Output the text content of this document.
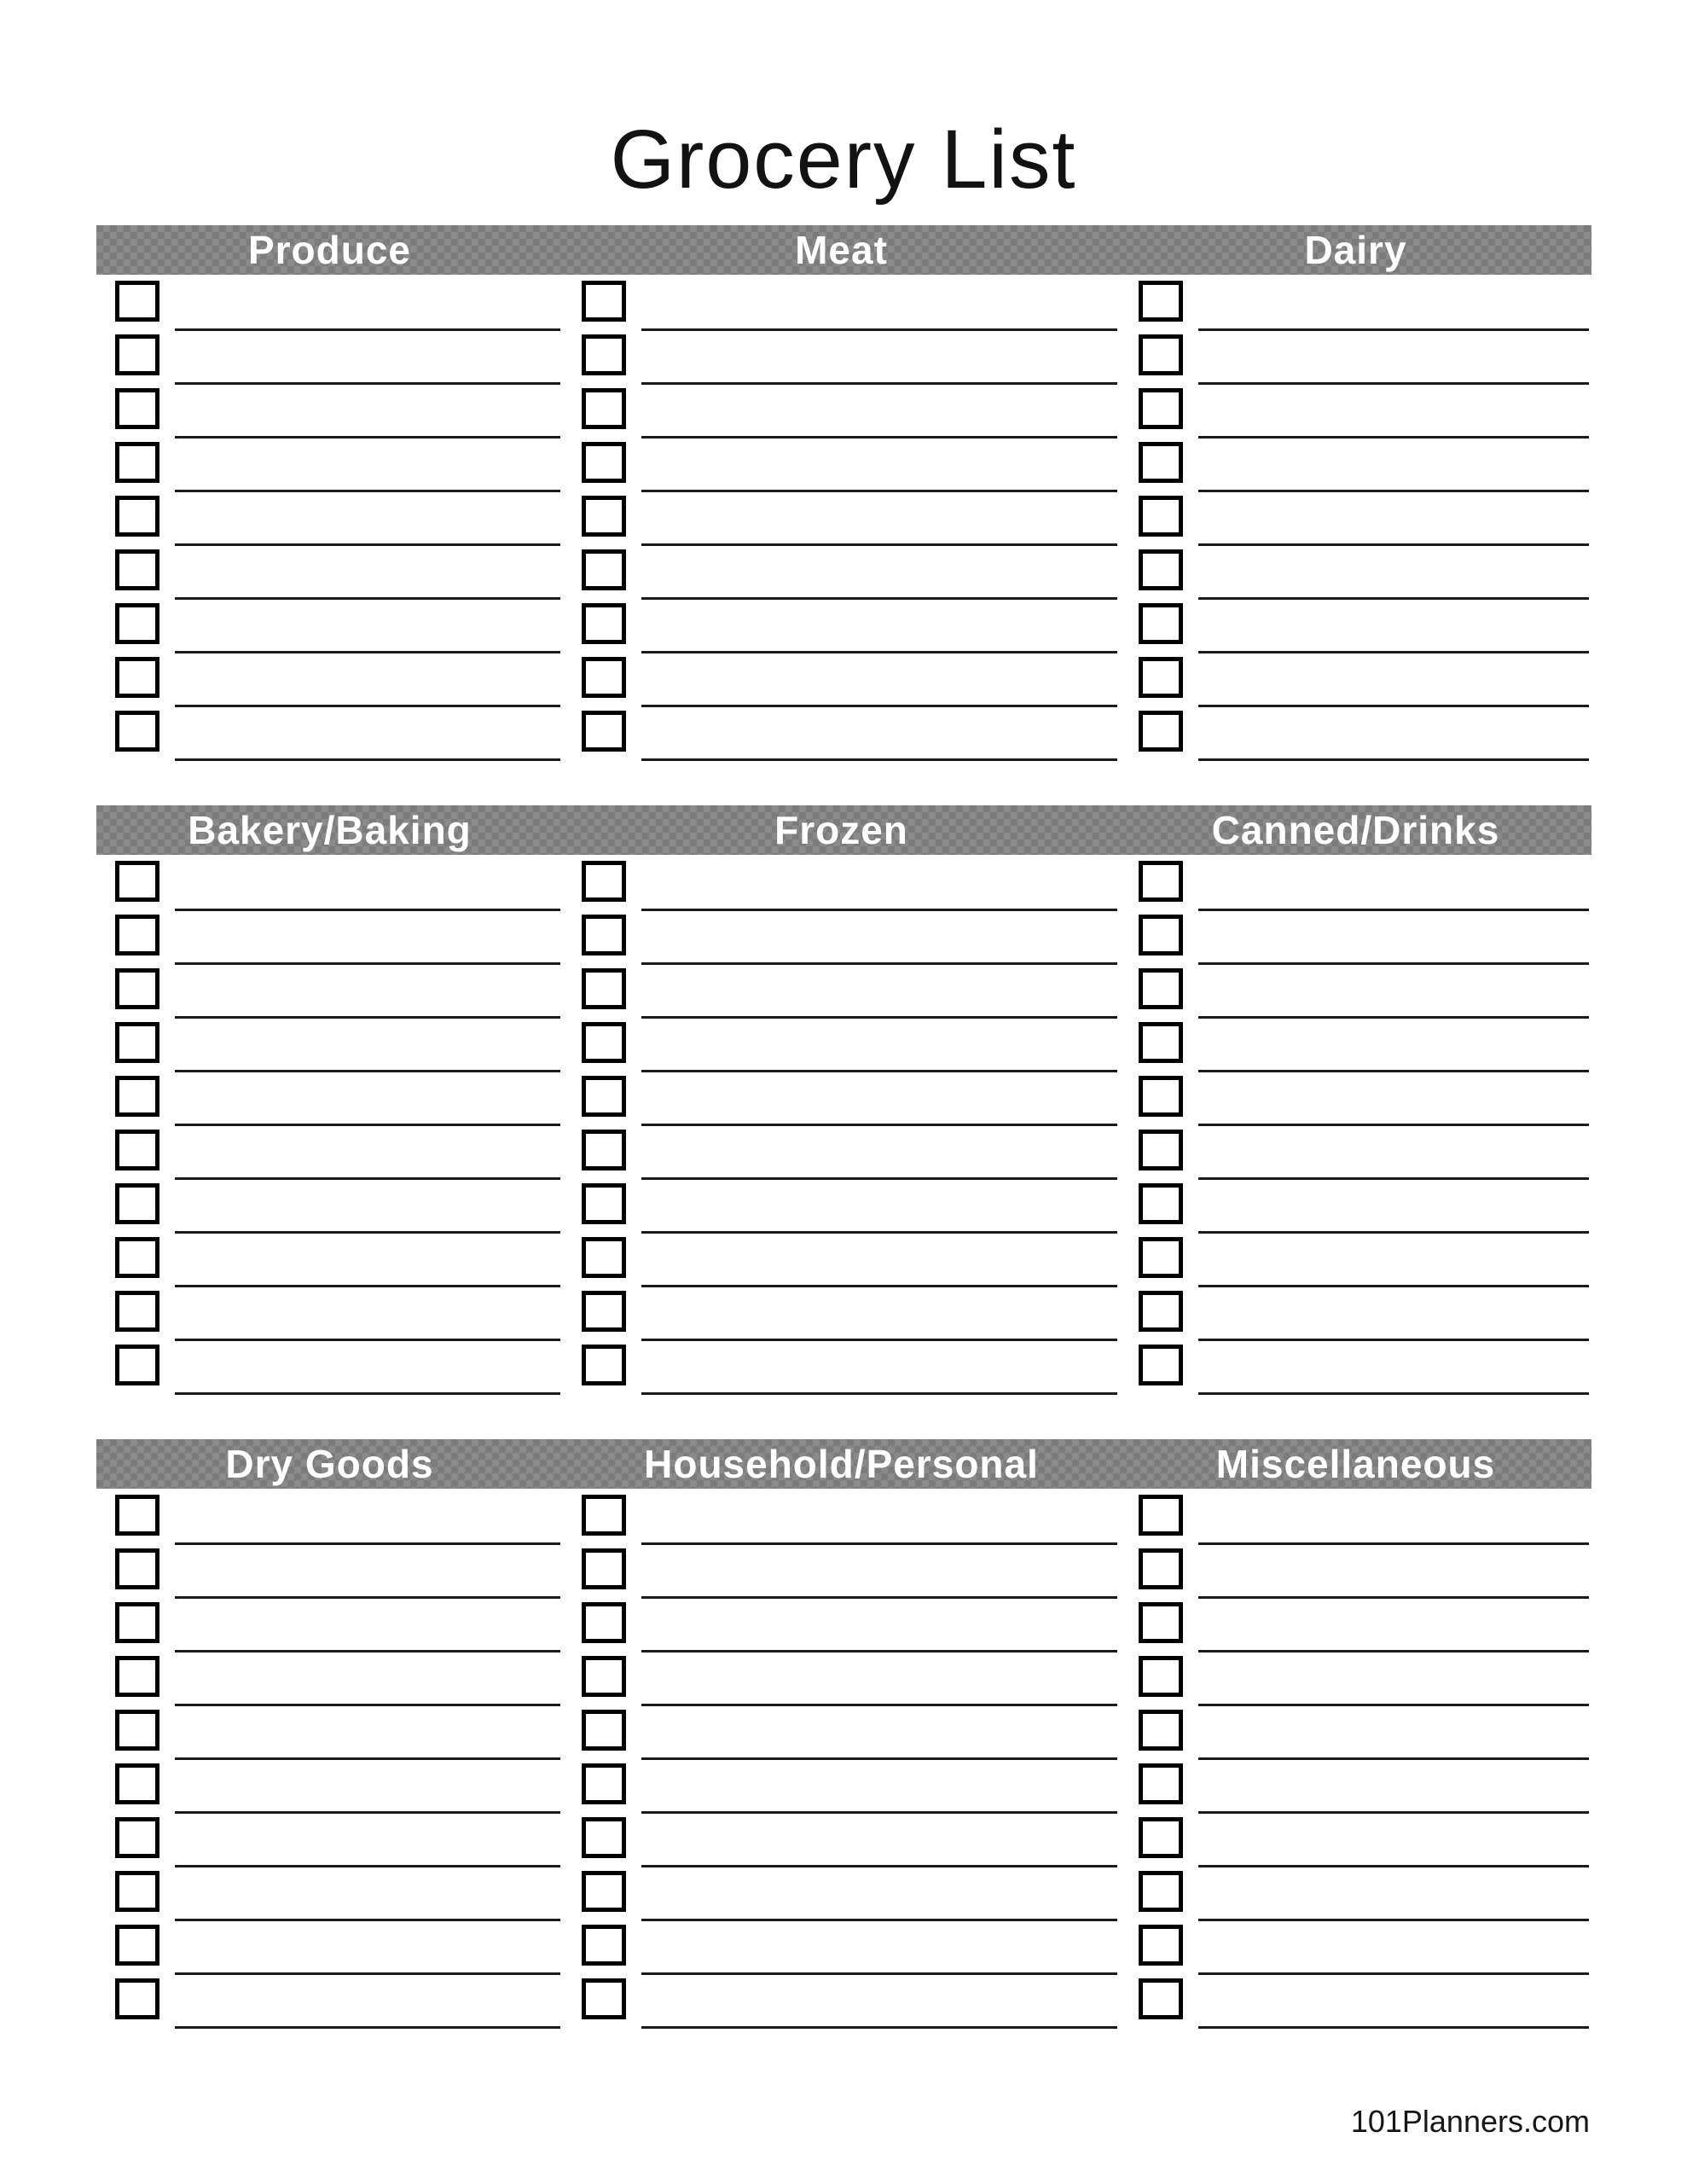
Grocery List
Produce	Meat	Dairy
Bakery/Baking	Frozen	Canned/Drinks
Dry Goods	Household/Personal	Miscellaneous
101Planners.com
